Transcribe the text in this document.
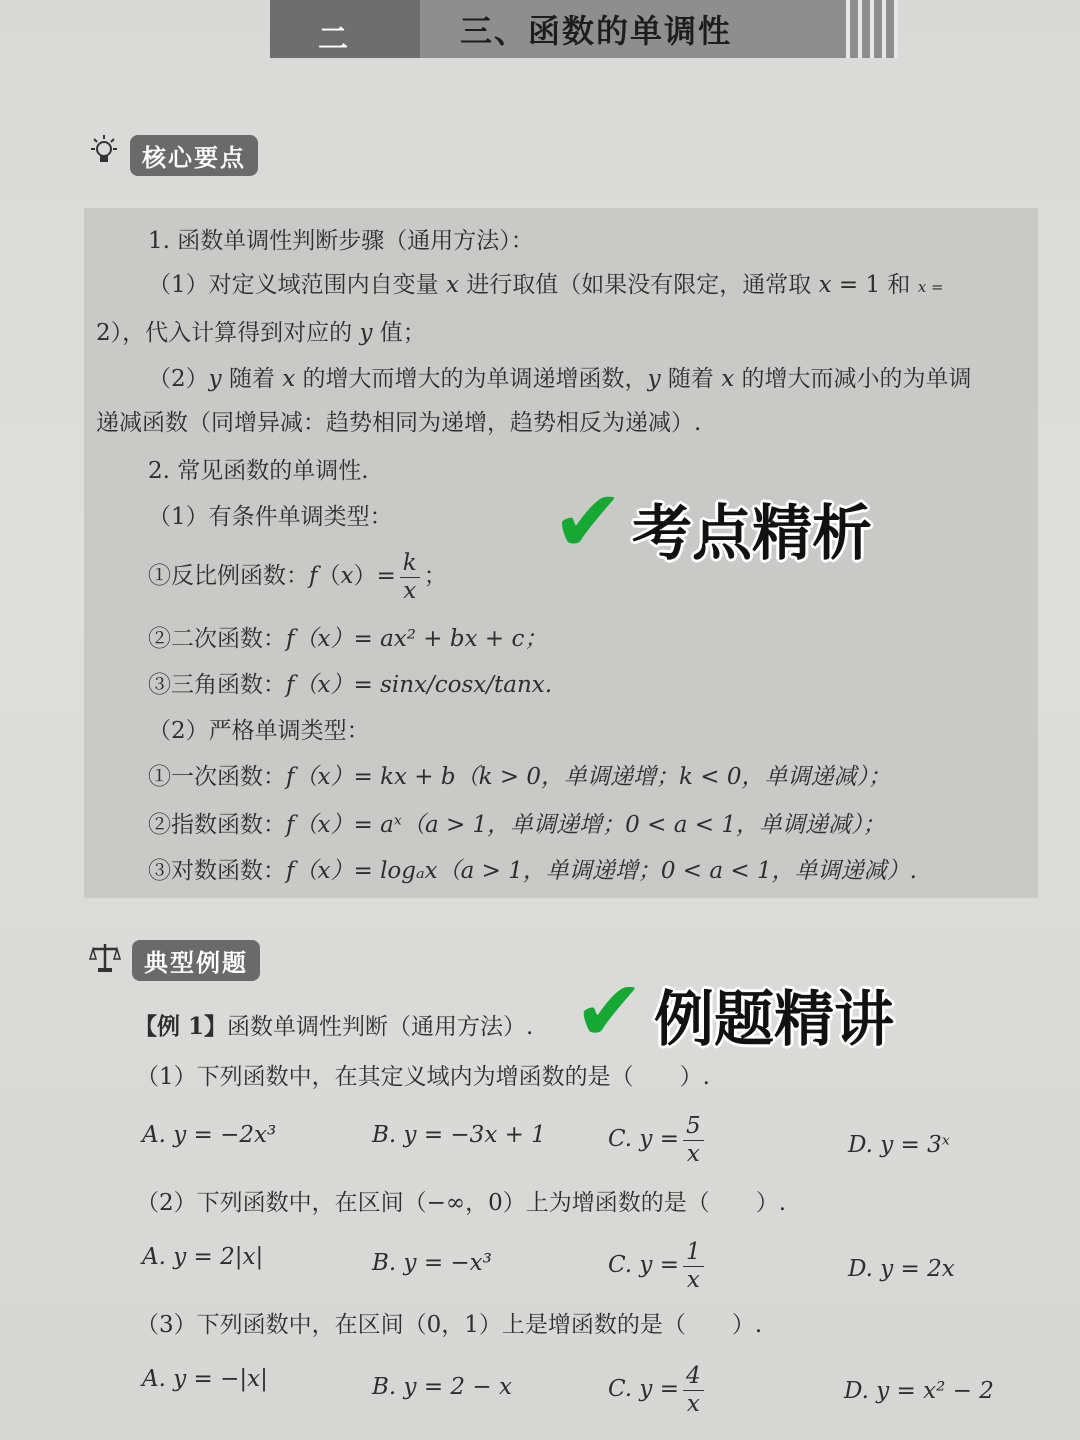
二	三、函数的单调性
核心要点
1. 函数单调性判断步骤（通用方法）：
（1）对定义域范围内自变量 x 进行取值（如果没有限定，通常取 x = 1 和 x =
2），代入计算得到对应的 y 值；
（2）y 随着 x 的增大而增大的为单调递增函数，y 随着 x 的增大而减小的为单调
递减函数（同增异减：趋势相同为递增，趋势相反为递减）.
2. 常见函数的单调性.
（1）有条件单调类型：
①反比例函数：$f(x)= \frac{k}{x}$ ；
②二次函数：f（x）= ax² + bx + c；
③三角函数：f（x）= sinx/cosx/tanx.
（2）严格单调类型：
①一次函数：f（x）= kx + b（k > 0，单调递增；k < 0，单调递减）；
②指数函数：f（x）= aˣ（a > 1，单调递增；0 < a < 1，单调递减）；
③对数函数：f（x）= logₐx（a > 1，单调递增；0 < a < 1，单调递减）.
✔ 考点精析
典型例题	✔ 例题精讲
【例 1】函数单调性判断（通用方法）.
（1）下列函数中，在其定义域内为增函数的是（　　）.
A. y = −2x³	B. y = −3x + 1	C. $y = \frac{5}{x}$	D. y = 3ˣ
（2）下列函数中，在区间（−∞，0）上为增函数的是（　　）.
A. y = 2|x|	B. y = −x³	C. $y = \frac{1}{x}$	D. y = 2x
（3）下列函数中，在区间（0，1）上是增函数的是（　　）.
A. y = −|x|	B. y = 2 − x	C. $y = \frac{4}{x}$	D. y = x² − 2
